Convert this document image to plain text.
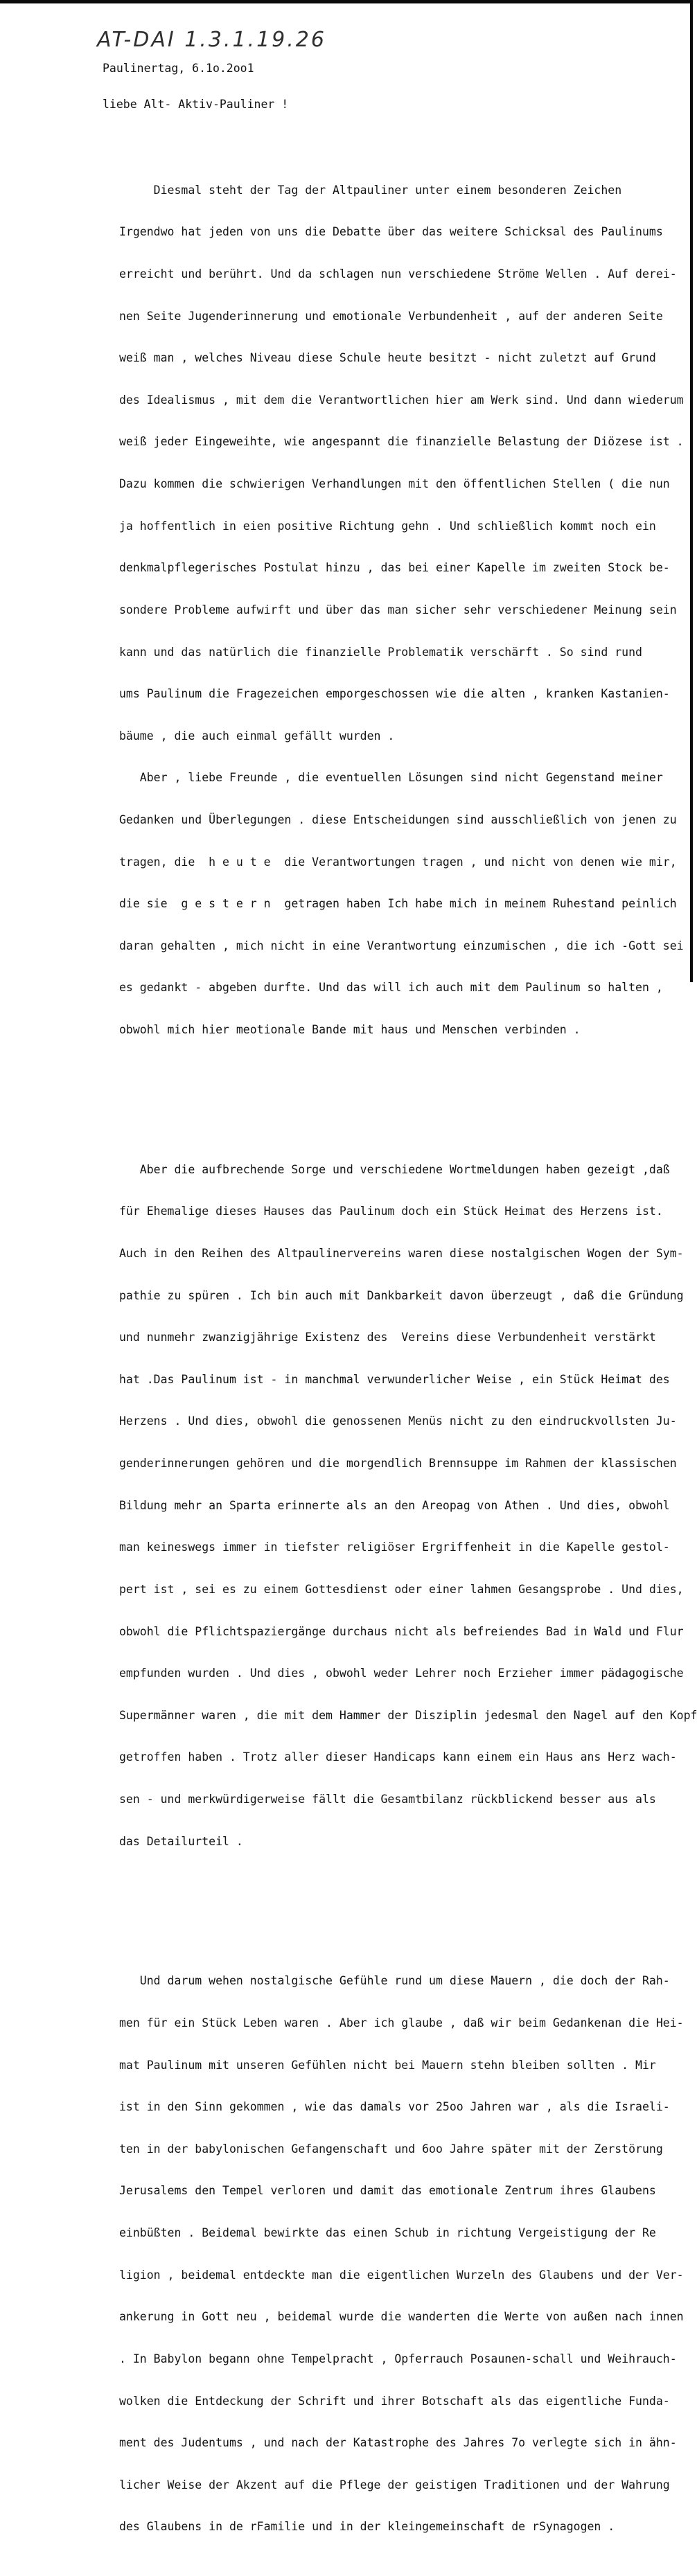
AT-DAI 1.3.1.19.26
Paulinertag, 6.1o.2oo1
liebe Alt- Aktiv-Pauliner !

Diesmal steht der Tag der Altpauliner unter einem besonderen Zeichen

Irgendwo hat jeden von uns die Debatte über das weitere Schicksal des Paulinums

erreicht und berührt. Und da schlagen nun verschiedene Ströme Wellen . Auf derei-

nen Seite Jugenderinnerung und emotionale Verbundenheit , auf der anderen Seite

weiß man , welches Niveau diese Schule heute besitzt - nicht zuletzt auf Grund

des Idealismus , mit dem die Verantwortlichen hier am Werk sind. Und dann wiederum

weiß jeder Eingeweihte, wie angespannt die finanzielle Belastung der Diözese ist .

Dazu kommen die schwierigen Verhandlungen mit den öffentlichen Stellen ( die nun

ja hoffentlich in eien positive Richtung gehn . Und schließlich kommt noch ein

denkmalpflegerisches Postulat hinzu , das bei einer Kapelle im zweiten Stock be-

sondere Probleme aufwirft und über das man sicher sehr verschiedener Meinung sein

kann und das natürlich die finanzielle Problematik verschärft . So sind rund

ums Paulinum die Fragezeichen emporgeschossen wie die alten , kranken Kastanien-

bäume , die auch einmal gefällt wurden .

Aber , liebe Freunde , die eventuellen Lösungen sind nicht Gegenstand meiner

Gedanken und Überlegungen . diese Entscheidungen sind ausschließlich von jenen zu

tragen, die  h e u t e  die Verantwortungen tragen , und nicht von denen wie mir,

die sie  g e s t e r n  getragen haben Ich habe mich in meinem Ruhestand peinlich

daran gehalten , mich nicht in eine Verantwortung einzumischen , die ich -Gott sei

es gedankt - abgeben durfte. Und das will ich auch mit dem Paulinum so halten ,

obwohl mich hier meotionale Bande mit haus und Menschen verbinden .

Aber die aufbrechende Sorge und verschiedene Wortmeldungen haben gezeigt ,daß

für Ehemalige dieses Hauses das Paulinum doch ein Stück Heimat des Herzens ist.

Auch in den Reihen des Altpaulinervereins waren diese nostalgischen Wogen der Sym-

pathie zu spüren . Ich bin auch mit Dankbarkeit davon überzeugt , daß die Gründung

und nunmehr zwanzigjährige Existenz des  Vereins diese Verbundenheit verstärkt

hat .Das Paulinum ist - in manchmal verwunderlicher Weise , ein Stück Heimat des

Herzens . Und dies, obwohl die genossenen Menüs nicht zu den eindruckvollsten Ju-

genderinnerungen gehören und die morgendlich Brennsuppe im Rahmen der klassischen

Bildung mehr an Sparta erinnerte als an den Areopag von Athen . Und dies, obwohl

man keineswegs immer in tiefster religiöser Ergriffenheit in die Kapelle gestol-

pert ist , sei es zu einem Gottesdienst oder einer lahmen Gesangsprobe . Und dies,

obwohl die Pflichtspaziergänge durchaus nicht als befreiendes Bad in Wald und Flur

empfunden wurden . Und dies , obwohl weder Lehrer noch Erzieher immer pädagogische

Supermänner waren , die mit dem Hammer der Disziplin jedesmal den Nagel auf den Kopf

getroffen haben . Trotz aller dieser Handicaps kann einem ein Haus ans Herz wach-

sen - und merkwürdigerweise fällt die Gesamtbilanz rückblickend besser aus als

das Detailurteil .

Und darum wehen nostalgische Gefühle rund um diese Mauern , die doch der Rah-

men für ein Stück Leben waren . Aber ich glaube , daß wir beim Gedankenan die Hei-

mat Paulinum mit unseren Gefühlen nicht bei Mauern stehn bleiben sollten . Mir

ist in den Sinn gekommen , wie das damals vor 25oo Jahren war , als die Israeli-

ten in der babylonischen Gefangenschaft und 6oo Jahre später mit der Zerstörung

Jerusalems den Tempel verloren und damit das emotionale Zentrum ihres Glaubens

einbüßten . Beidemal bewirkte das einen Schub in richtung Vergeistigung der Re

ligion , beidemal entdeckte man die eigentlichen Wurzeln des Glaubens und der Ver-

ankerung in Gott neu , beidemal wurde die wanderten die Werte von außen nach innen

. In Babylon begann ohne Tempelpracht , Opferrauch Posaunen-schall und Weihrauch-

wolken die Entdeckung der Schrift und ihrer Botschaft als das eigentliche Funda-

ment des Judentums , und nach der Katastrophe des Jahres 7o verlegte sich in ähn-

licher Weise der Akzent auf die Pflege der geistigen Traditionen und der Wahrung

des Glaubens in de rFamilie und in der kleingemeinschaft de rSynagogen .
